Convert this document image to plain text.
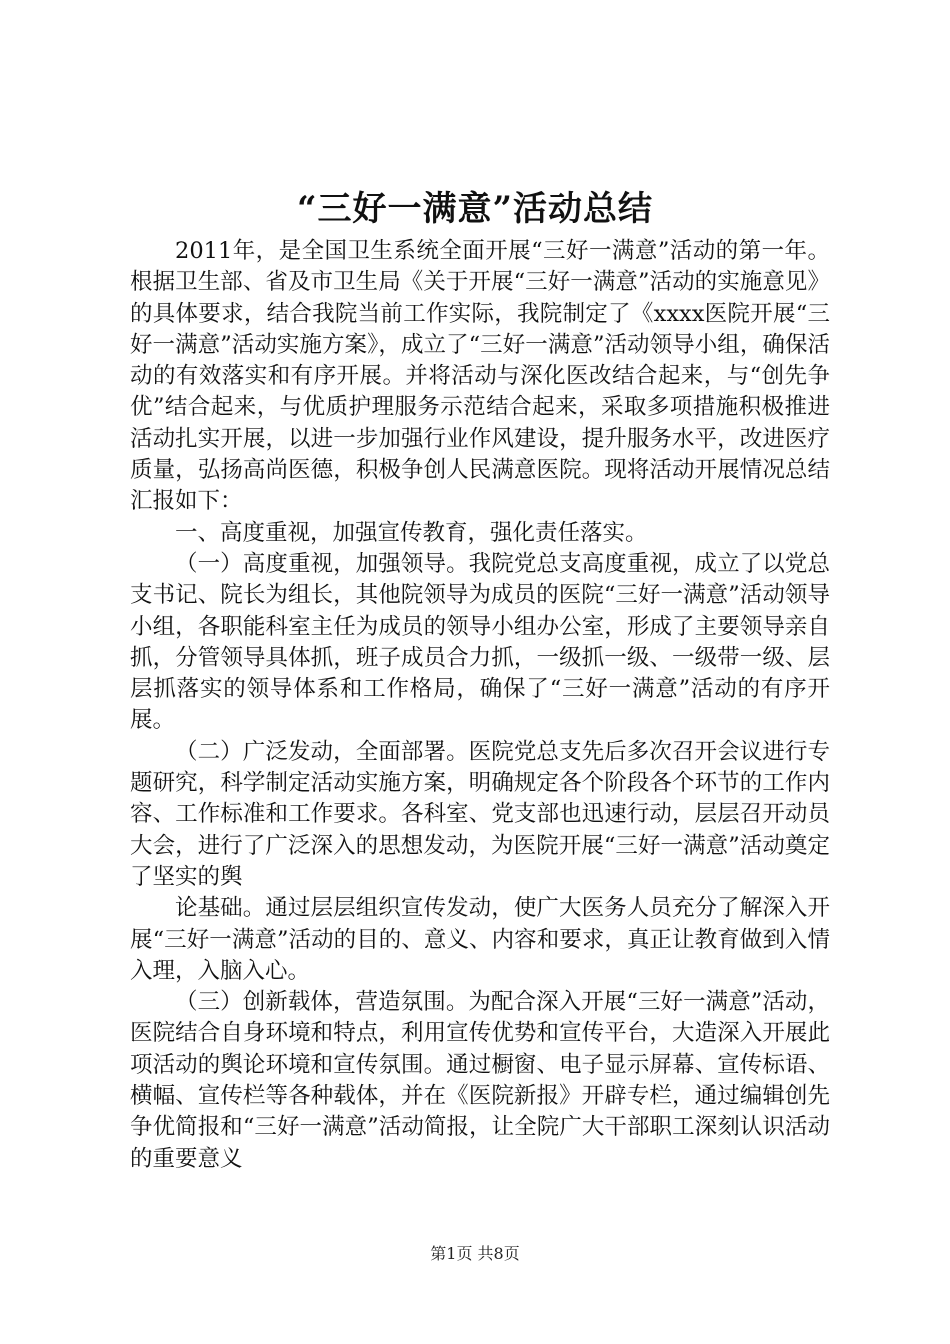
“三好一满意”活动总结

2011年，是全国卫生系统全面开展“三好一满意”活动的第一年。根据卫生部、省及市卫生局《关于开展“三好一满意”活动的实施意见》的具体要求，结合我院当前工作实际，我院制定了《xxxx医院开展“三好一满意”活动实施方案》，成立了“三好一满意”活动领导小组，确保活动的有效落实和有序开展。并将活动与深化医改结合起来，与“创先争优”结合起来，与优质护理服务示范结合起来，采取多项措施积极推进活动扎实开展，以进一步加强行业作风建设，提升服务水平，改进医疗质量，弘扬高尚医德，积极争创人民满意医院。现将活动开展情况总结汇报如下：

一、高度重视，加强宣传教育，强化责任落实。

（一）高度重视，加强领导。我院党总支高度重视，成立了以党总支书记、院长为组长，其他院领导为成员的医院“三好一满意”活动领导小组，各职能科室主任为成员的领导小组办公室，形成了主要领导亲自抓，分管领导具体抓，班子成员合力抓，一级抓一级、一级带一级、层层抓落实的领导体系和工作格局，确保了“三好一满意”活动的有序开展。

（二）广泛发动，全面部署。医院党总支先后多次召开会议进行专题研究，科学制定活动实施方案，明确规定各个阶段各个环节的工作内容、工作标准和工作要求。各科室、党支部也迅速行动，层层召开动员大会，进行了广泛深入的思想发动，为医院开展“三好一满意”活动奠定了坚实的舆

论基础。通过层层组织宣传发动，使广大医务人员充分了解深入开展“三好一满意”活动的目的、意义、内容和要求，真正让教育做到入情入理，入脑入心。

（三）创新载体，营造氛围。为配合深入开展“三好一满意”活动，医院结合自身环境和特点，利用宣传优势和宣传平台，大造深入开展此项活动的舆论环境和宣传氛围。通过橱窗、电子显示屏幕、宣传标语、横幅、宣传栏等各种载体，并在《医院新报》开辟专栏，通过编辑创先争优简报和“三好一满意”活动简报，让全院广大干部职工深刻认识活动的重要意义

第1页 共8页
